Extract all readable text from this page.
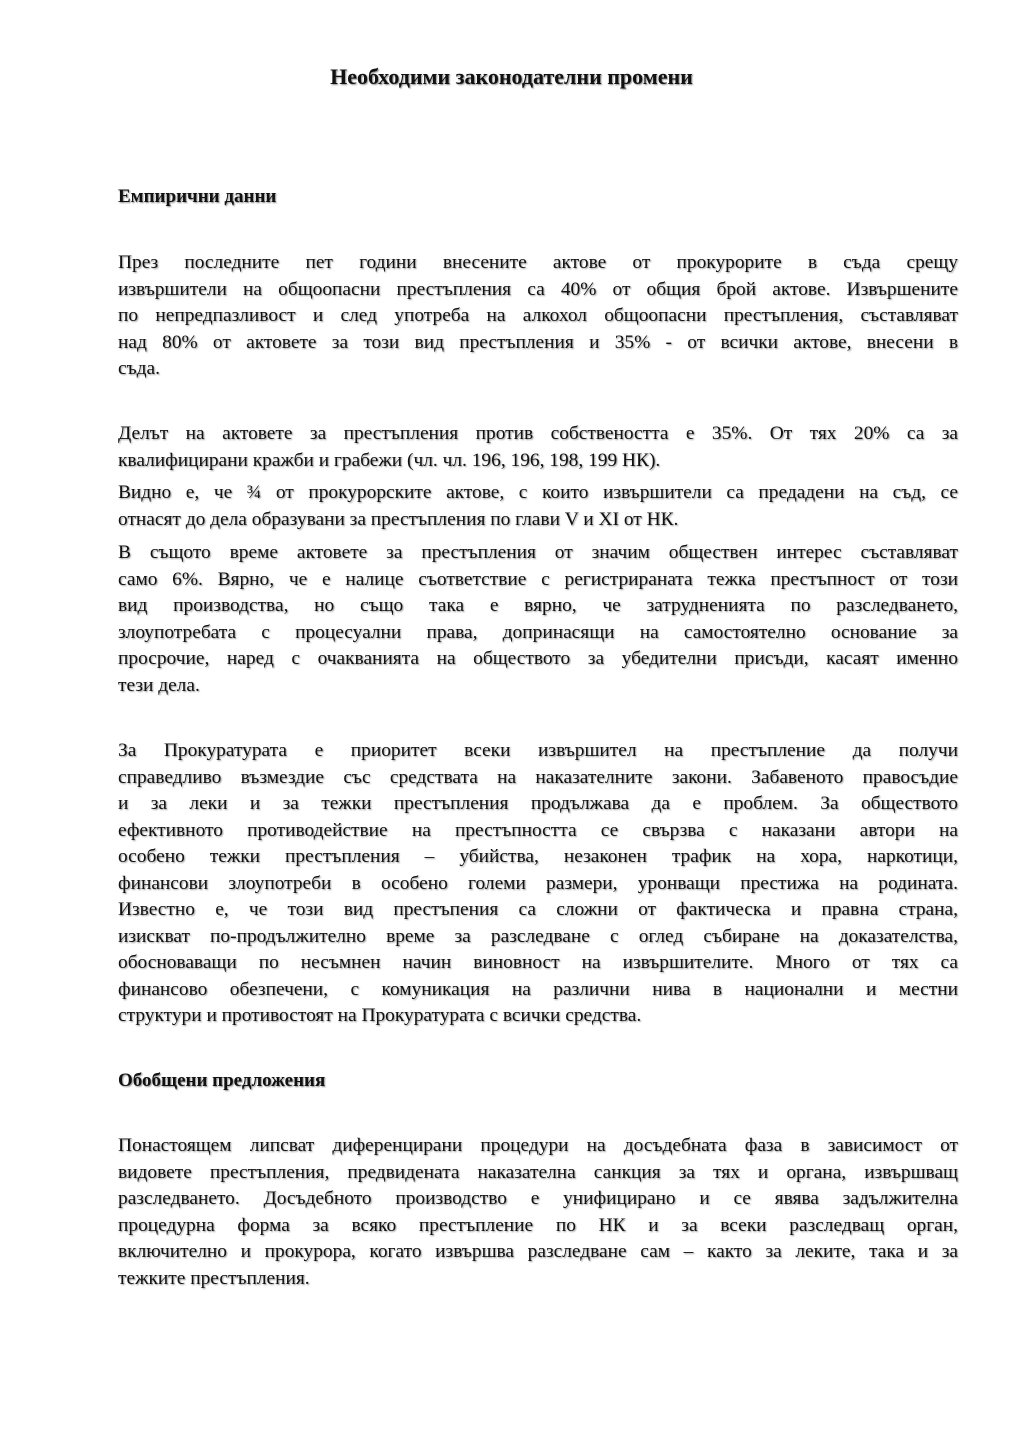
Необходими законодателни промени
Емпирични данни
През последните пет години внесените актове от прокурорите в съда срещу
извършители на общоопасни престъпления са 40% от общия брой актове. Извършените
по непредпазливост и след употреба на алкохол общоопасни престъпления, съставляват
над 80% от актовете за този вид престъпления и 35% - от всички актове, внесени в
съда.
Делът на актовете за престъпления против собствеността е 35%. От тях 20% са за
квалифицирани кражби и грабежи (чл. чл. 196, 196, 198, 199 НК).
Видно е, че ¾ от прокурорските актове, с които извършители са предадени на съд, се
отнасят до дела образувани за престъпления по глави V и XI от НК.
В същото време актовете за престъпления от значим обществен интерес съставляват
само 6%. Вярно, че е налице съответствие с регистрираната тежка престъпност от този
вид производства, но също така е вярно, че затрудненията по разследването,
злоупотребата с процесуални права, допринасящи на самостоятелно основание за
просрочие, наред с очакванията на обществото за убедителни присъди, касаят именно
тези дела.
За Прокуратурата е приоритет всеки извършител на престъпление да получи
справедливо възмездие със средствата на наказателните закони. Забавеното правосъдие
и за леки и за тежки престъпления продължава да е проблем. За обществото
ефективното противодействие на престъпността се свързва с наказани автори на
особено тежки престъпления – убийства, незаконен трафик на хора, наркотици,
финансови злоупотреби в особено големи размери, уронващи престижа на родината.
Известно е, че този вид престъпения са сложни от фактическа и правна страна,
изискват по-продължително време за разследване с оглед събиране на доказателства,
обосноваващи по несъмнен начин виновност на извършителите. Много от тях са
финансово обезпечени, с комуникация на различни нива в национални и местни
структури и противостоят на Прокуратурата с всички средства.
Обобщени предложения
Понастоящем липсват диференцирани процедури на досъдебната фаза в зависимост от
видовете престъпления, предвидената наказателна санкция за тях и органа, извършващ
разследването. Досъдебното производство е унифицирано и се явява задължителна
процедурна форма за всяко престъпление по НК и за всеки разследващ орган,
включително и прокурора, когато извършва разследване сам – както за леките, така и за
тежките престъпления.
